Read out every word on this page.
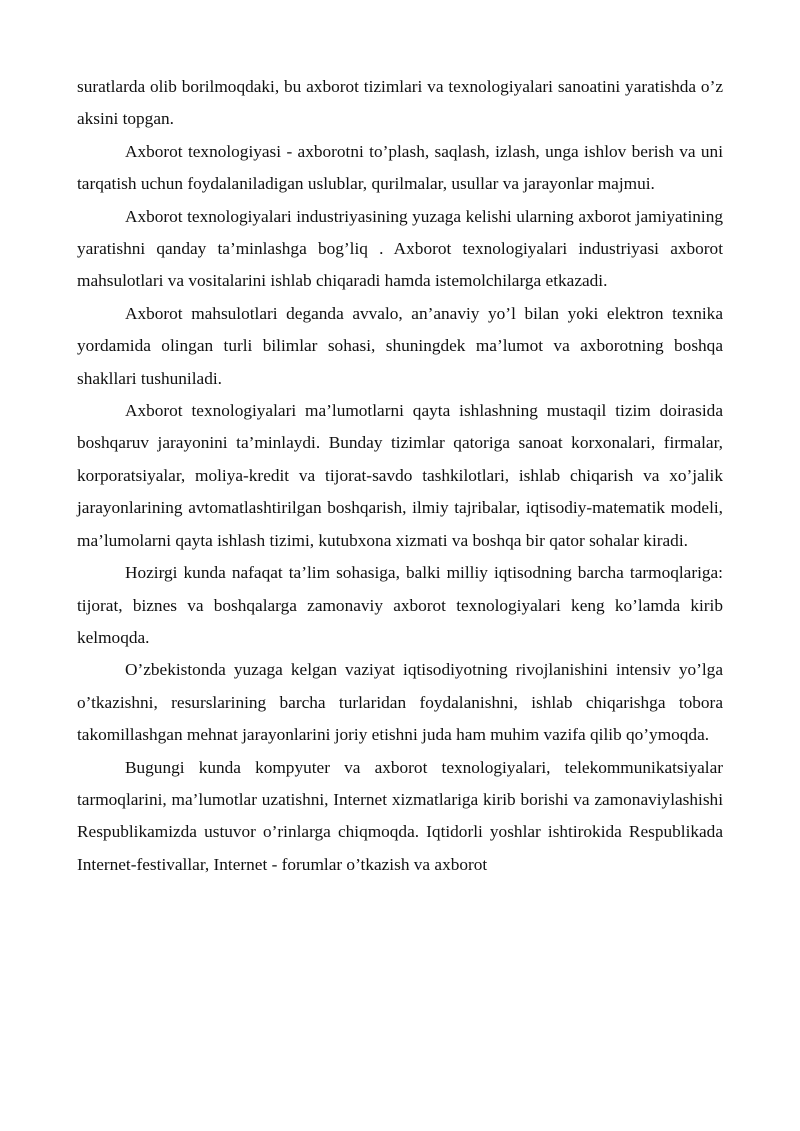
suratlarda olib borilmoqdaki, bu axborot tizimlari va texnologiyalari sanoatini yaratishda o’z aksini topgan.

Axborot texnologiyasi - axborotni to’plash, saqlash, izlash, unga ishlov berish va uni tarqatish uchun foydalaniladigan uslublar, qurilmalar, usullar va jarayonlar majmui.

Axborot texnologiyalari industriyasining yuzaga kelishi ularning axborot jamiyatining yaratishni qanday ta’minlashga bog’liq . Axborot texnologiyalari industriyasi axborot mahsulotlari va vositalarini ishlab chiqaradi hamda istemolchilarga etkazadi.

Axborot mahsulotlari deganda avvalo, an’anaviy yo’l bilan yoki elektron texnika yordamida olingan turli bilimlar sohasi, shuningdek ma’lumot va axborotning boshqa shakllari tushuniladi.

Axborot texnologiyalari ma’lumotlarni qayta ishlashning mustaqil tizim doirasida boshqaruv jarayonini ta’minlaydi. Bunday tizimlar qatoriga sanoat korxonalari, firmalar, korporatsiyalar, moliya-kredit va tijorat-savdo tashkilotlari, ishlab chiqarish va xo’jalik jarayonlarining avtomatlashtirilgan boshqarish, ilmiy tajribalar, iqtisodiy-matematik modeli, ma’lumolarni qayta ishlash tizimi, kutubxona xizmati va boshqa bir qator sohalar kiradi.

Hozirgi kunda nafaqat ta’lim sohasiga, balki milliy iqtisodning barcha tarmoqlariga: tijorat, biznes va boshqalarga zamonaviy axborot texnologiyalari keng ko’lamda kirib kelmoqda.

O’zbekistonda yuzaga kelgan vaziyat iqtisodiyotning rivojlanishini intensiv yo’lga o’tkazishni, resurslarining barcha turlaridan foydalanishni, ishlab chiqarishga tobora takomillashgan mehnat jarayonlarini joriy etishni juda ham muhim vazifa qilib qo’ymoqda.

Bugungi kunda kompyuter va axborot texnologiyalari, telekommunikatsiyalar tarmoqlarini, ma’lumotlar uzatishni, Internet xizmatlariga kirib borishi va zamonaviylashishi Respublikamizda ustuvor o’rinlarga chiqmoqda. Iqtidorli yoshlar ishtirokida Respublikada Internet-festivallar, Internet - forumlar o’tkazish va axborot
